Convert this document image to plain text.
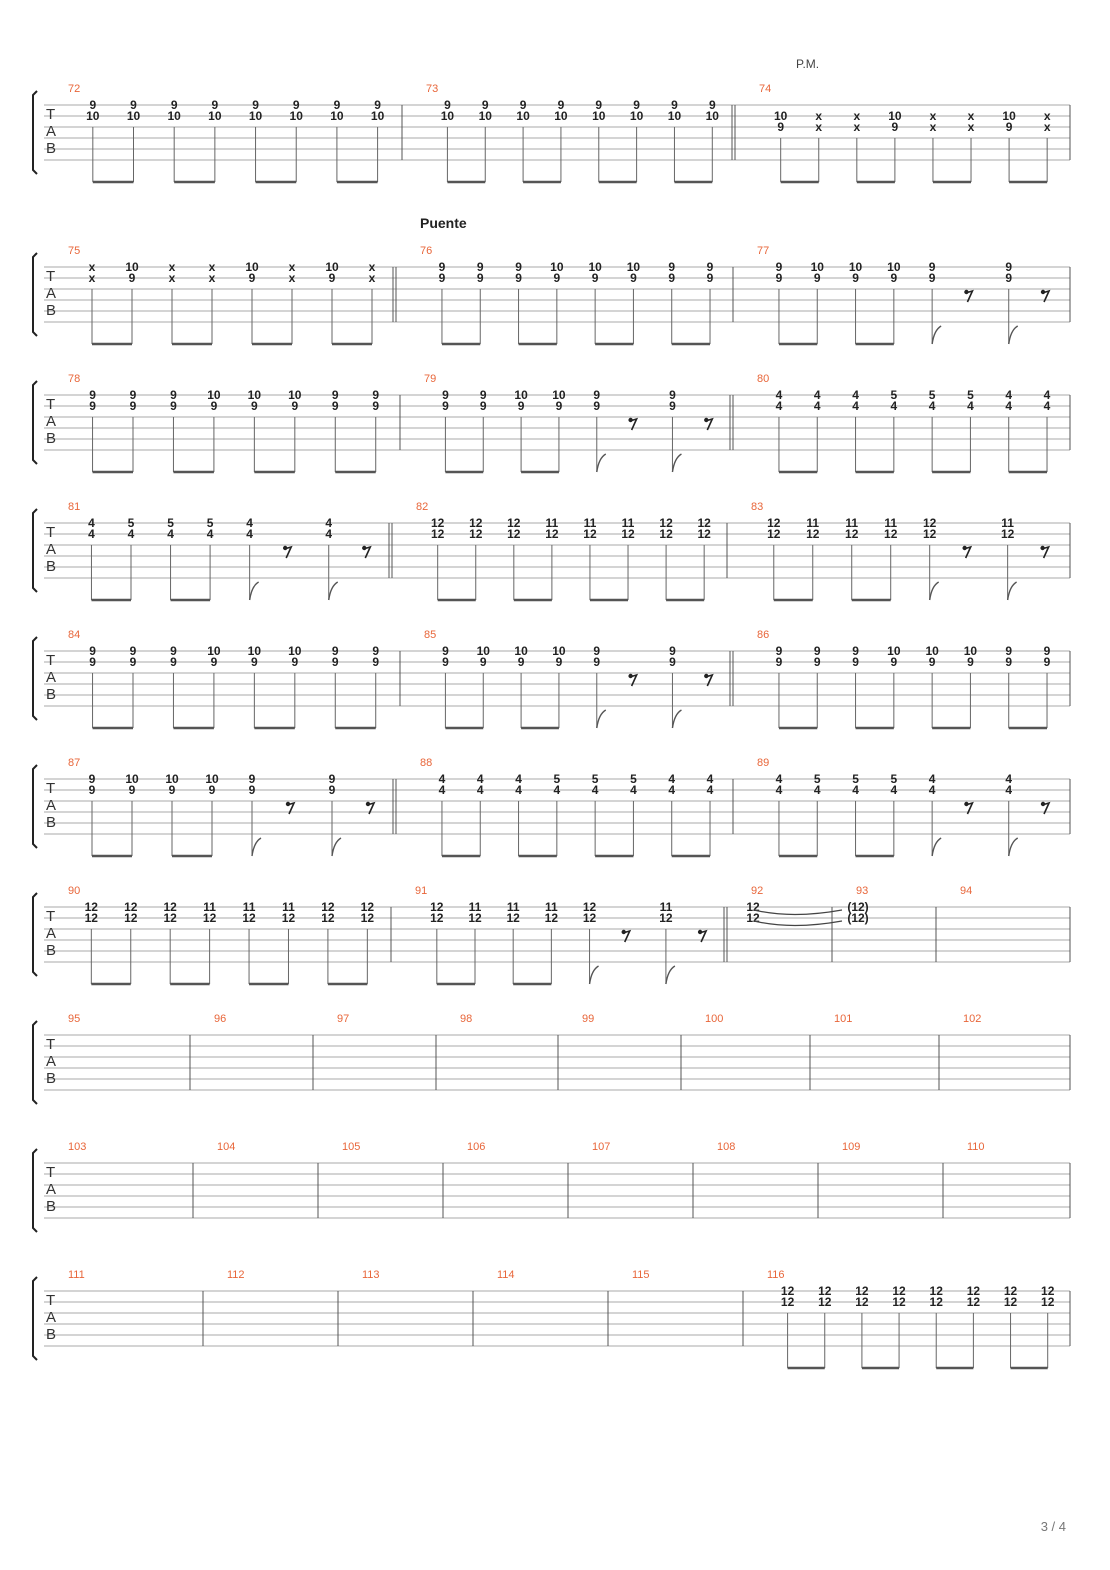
P.M.
Puente
T
A
B
72
9
10
9
10
9
10
9
10
9
10
9
10
9
10
9
10
73
9
10
9
10
9
10
9
10
9
10
9
10
9
10
9
10
74
10
9
x
x
x
x
10
9
x
x
x
x
10
9
x
x
T
A
B
75
x
x
10
9
x
x
x
x
10
9
x
x
10
9
x
x
76
9
9
9
9
9
9
10
9
10
9
10
9
9
9
9
9
77
9
9
10
9
10
9
10
9
9
9
9
9
T
A
B
78
9
9
9
9
9
9
10
9
10
9
10
9
9
9
9
9
79
9
9
9
9
10
9
10
9
9
9
9
9
80
4
4
4
4
4
4
5
4
5
4
5
4
4
4
4
4
T
A
B
81
4
4
5
4
5
4
5
4
4
4
4
4
82
12
12
12
12
12
12
11
12
11
12
11
12
12
12
12
12
83
12
12
11
12
11
12
11
12
12
12
11
12
T
A
B
84
9
9
9
9
9
9
10
9
10
9
10
9
9
9
9
9
85
9
9
10
9
10
9
10
9
9
9
9
9
86
9
9
9
9
9
9
10
9
10
9
10
9
9
9
9
9
T
A
B
87
9
9
10
9
10
9
10
9
9
9
9
9
88
4
4
4
4
4
4
5
4
5
4
5
4
4
4
4
4
89
4
4
5
4
5
4
5
4
4
4
4
4
T
A
B
90
12
12
12
12
12
12
11
12
11
12
11
12
12
12
12
12
91
12
12
11
12
11
12
11
12
12
12
11
12
92
12
12
93
(12)
(12)
94
T
A
B
95	96	97	98	99	100	101	102
T
A
B
103	104	105	106	107	108	109	110
T
A
B
111	112	113	114	115	116
12
12
12
12
12
12
12
12
12
12
12
12
12
12
12
12
3 / 4
